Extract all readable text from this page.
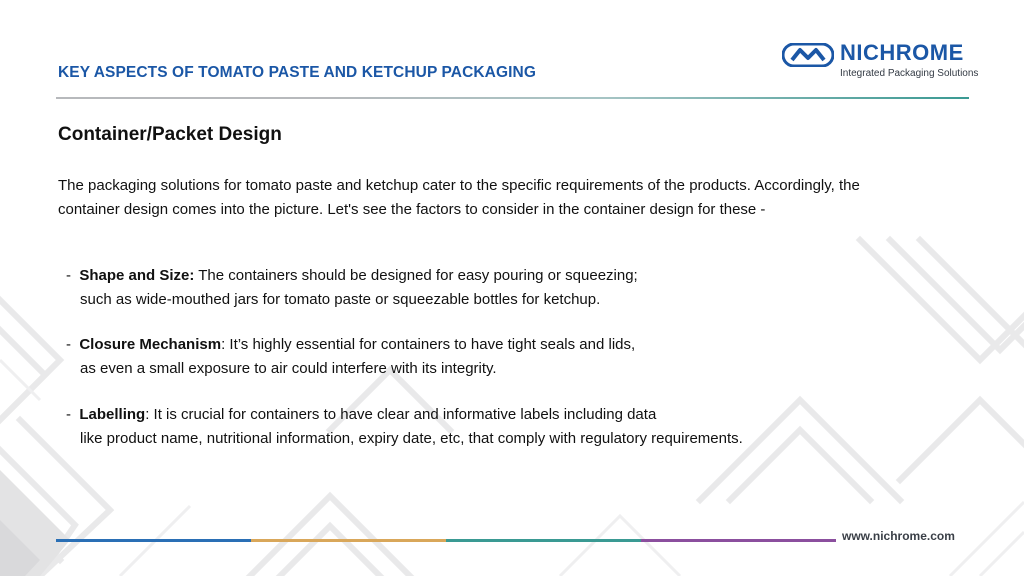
KEY ASPECTS OF TOMATO PASTE AND KETCHUP PACKAGING
NICHROME
Integrated Packaging Solutions
Container/Packet Design
The packaging solutions for tomato paste and ketchup cater to the specific requirements of the products. Accordingly, the container design comes into the picture. Let's see the factors to consider in the container design for these -
- Shape and Size: The containers should be designed for easy pouring or squeezing;
such as wide-mouthed jars for tomato paste or squeezable bottles for ketchup.
- Closure Mechanism: It’s highly essential for containers to have tight seals and lids,
as even a small exposure to air could interfere with its integrity.
- Labelling: It is crucial for containers to have clear and informative labels including data
like product name, nutritional information, expiry date, etc, that comply with regulatory requirements.
www.nichrome.com
